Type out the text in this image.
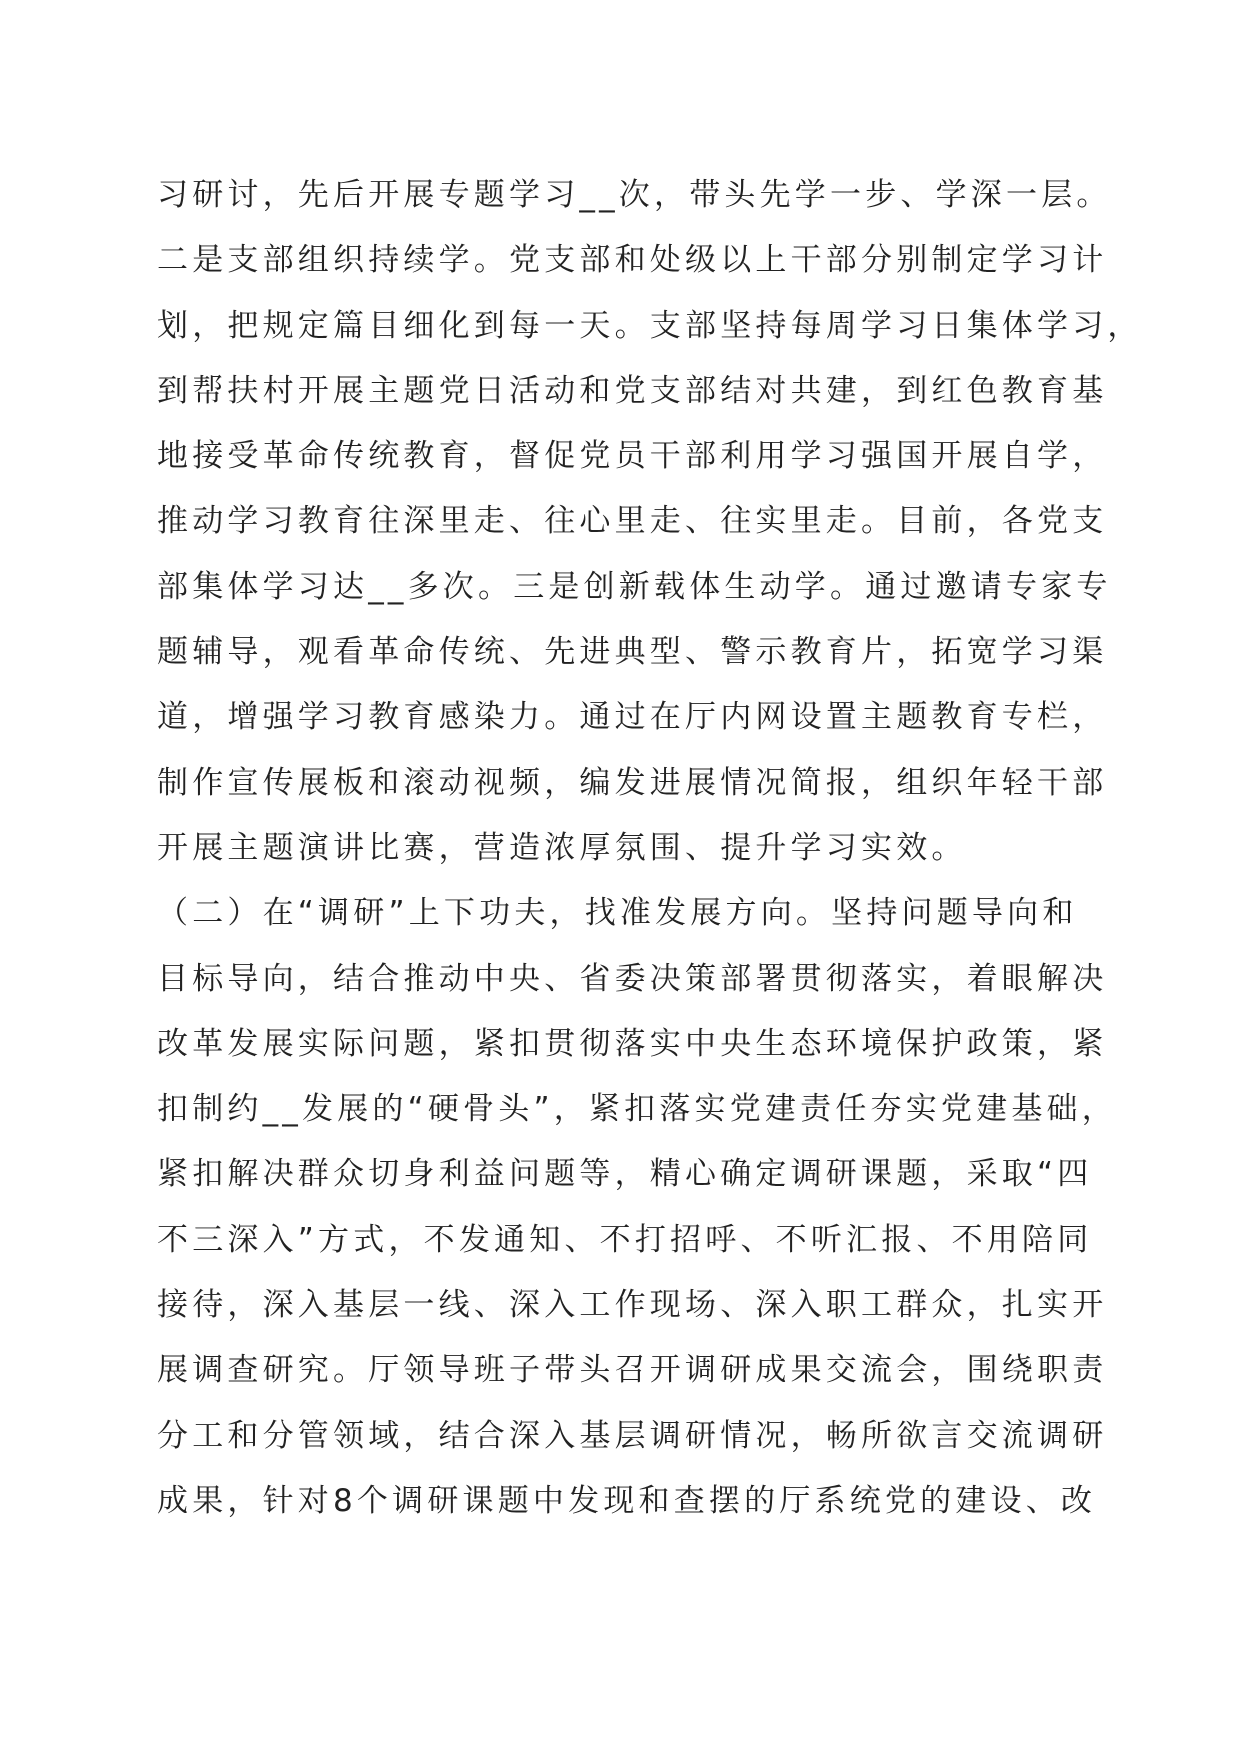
习研讨，先后开展专题学习__次，带头先学一步、学深一层。
二是支部组织持续学。党支部和处级以上干部分别制定学习计
划，把规定篇目细化到每一天。支部坚持每周学习日集体学习，
到帮扶村开展主题党日活动和党支部结对共建，到红色教育基
地接受革命传统教育，督促党员干部利用学习强国开展自学，
推动学习教育往深里走、往心里走、往实里走。目前，各党支
部集体学习达__多次。三是创新载体生动学。通过邀请专家专
题辅导，观看革命传统、先进典型、警示教育片，拓宽学习渠
道，增强学习教育感染力。通过在厅内网设置主题教育专栏，
制作宣传展板和滚动视频，编发进展情况简报，组织年轻干部
开展主题演讲比赛，营造浓厚氛围、提升学习实效。
（二）在“调研”上下功夫，找准发展方向。坚持问题导向和
目标导向，结合推动中央、省委决策部署贯彻落实，着眼解决
改革发展实际问题，紧扣贯彻落实中央生态环境保护政策，紧
扣制约__发展的“硬骨头”，紧扣落实党建责任夯实党建基础，
紧扣解决群众切身利益问题等，精心确定调研课题，采取“四
不三深入”方式，不发通知、不打招呼、不听汇报、不用陪同
接待，深入基层一线、深入工作现场、深入职工群众，扎实开
展调查研究。厅领导班子带头召开调研成果交流会，围绕职责
分工和分管领域，结合深入基层调研情况，畅所欲言交流调研
成果，针对8个调研课题中发现和查摆的厅系统党的建设、改
